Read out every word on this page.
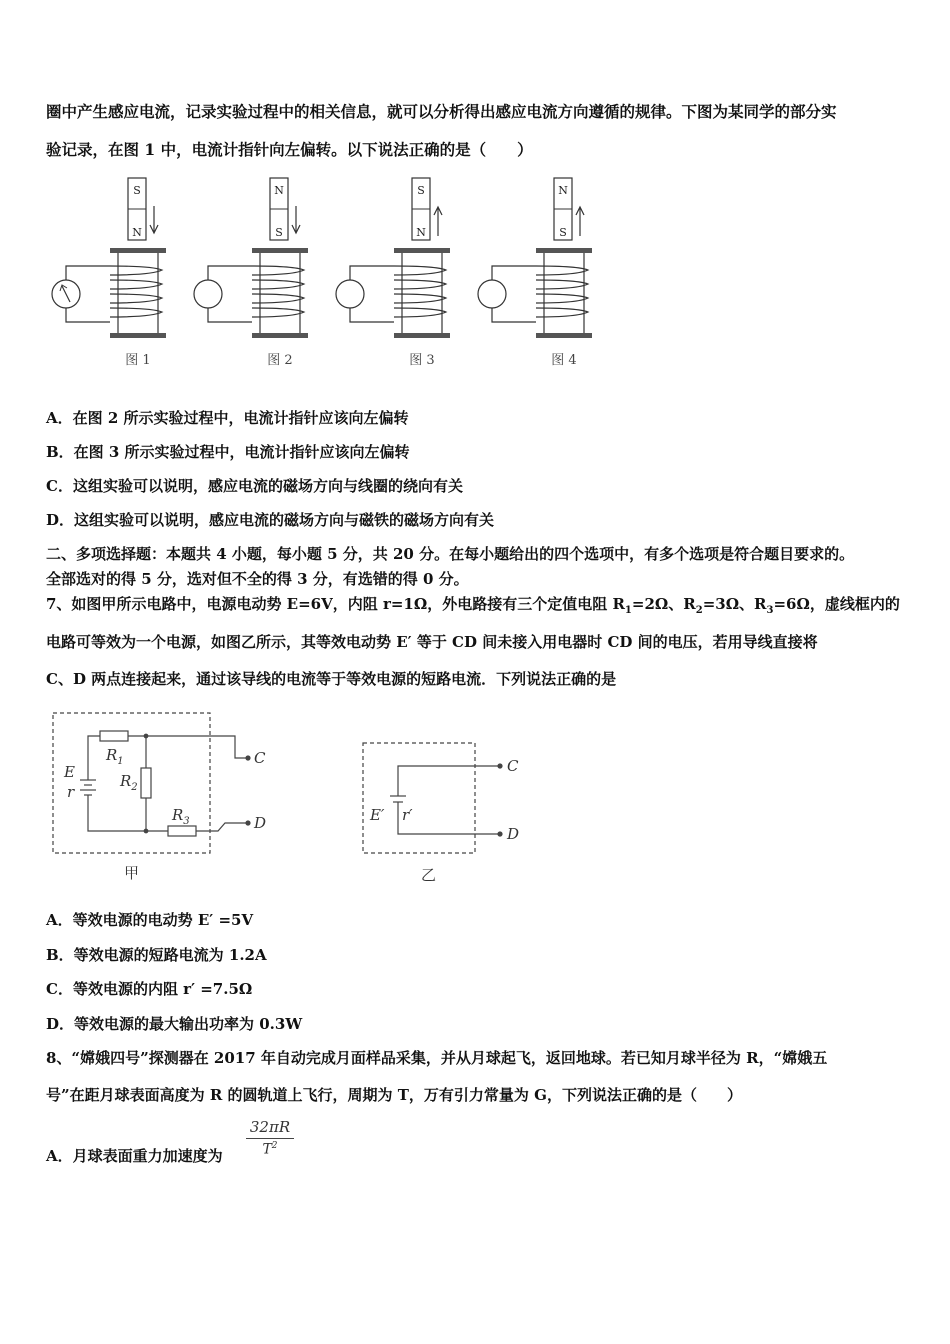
圈中产生感应电流，记录实验过程中的相关信息，就可以分析得出感应电流方向遵循的规律。下图为某同学的部分实
验记录，在图 1 中，电流计指针向左偏转。以下说法正确的是（　　）
S
N
图 1
N
S
图 2
S
N
图 3
N
S
图 4
A．在图 2 所示实验过程中，电流计指针应该向左偏转
B．在图 3 所示实验过程中，电流计指针应该向左偏转
C．这组实验可以说明，感应电流的磁场方向与线圈的绕向有关
D．这组实验可以说明，感应电流的磁场方向与磁铁的磁场方向有关
二、多项选择题：本题共 4 小题，每小题 5 分，共 20 分。在每小题给出的四个选项中，有多个选项是符合题目要求的。
全部选对的得 5 分，选对但不全的得 3 分，有选错的得 0 分。
7、如图甲所示电路中，电源电动势 E=6V，内阻 r=1Ω，外电路接有三个定值电阻 $R_1=2\Omega$、$R_2=3\Omega$、$R_3=6\Omega$，虚线框内的
电路可等效为一个电源，如图乙所示，其等效电动势 E′ 等于 CD 间未接入用电器时 CD 间的电压，若用导线直接将
C、D 两点连接起来，通过该导线的电流等于等效电源的短路电流．下列说法正确的是
E
r
$R_1$
$R_2$
$R_3$
C
D
甲
E′ r′
C
D
乙
A．等效电源的电动势 E′ =5V
B．等效电源的短路电流为 1.2A
C．等效电源的内阻 r′ =7.5Ω
D．等效电源的最大输出功率为 0.3W
8、“嫦娥四号”探测器在 2017 年自动完成月面样品采集，并从月球起飞，返回地球。若已知月球半径为 R，“嫦娥五
号”在距月球表面高度为 R 的圆轨道上飞行，周期为 T，万有引力常量为 G，下列说法正确的是（　　）
A．月球表面重力加速度为 $\frac{32\pi R}{T^2}$
